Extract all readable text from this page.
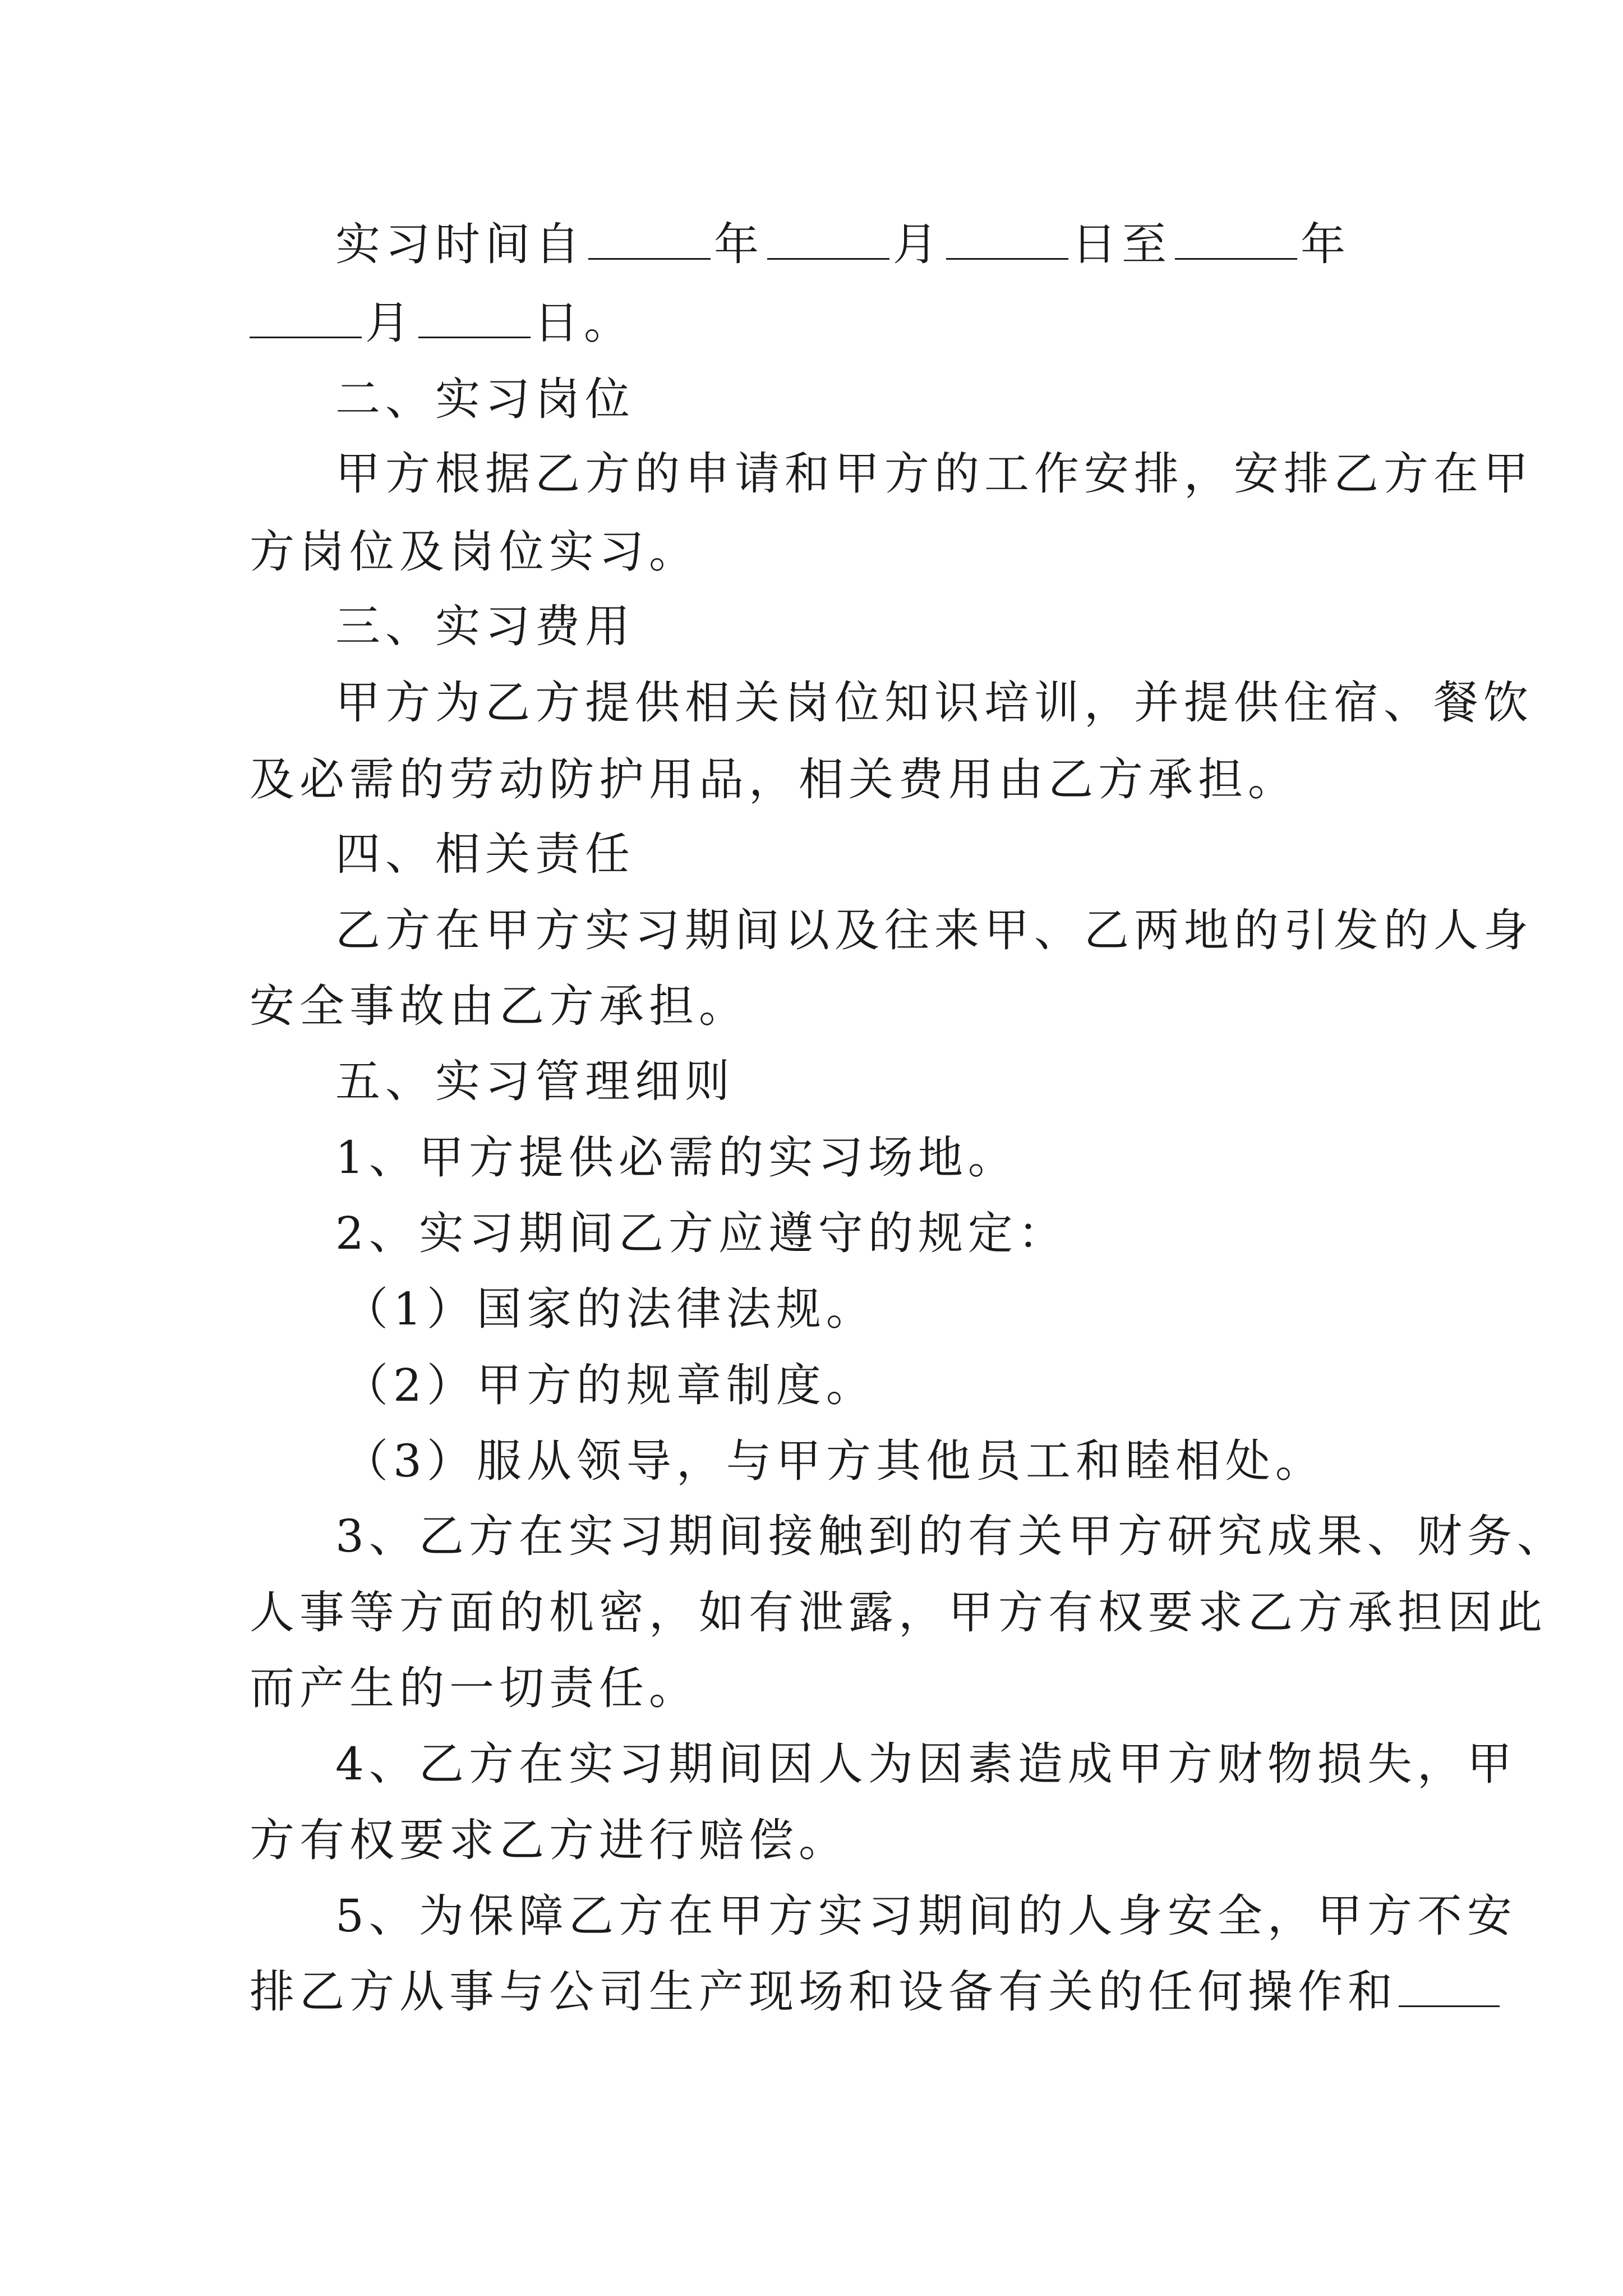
实习时间自	年	月	日至	年
月	日。
二、实习岗位
甲方根据乙方的申请和甲方的工作安排，安排乙方在甲
方岗位及岗位实习。
三、实习费用
甲方为乙方提供相关岗位知识培训，并提供住宿、餐饮
及必需的劳动防护用品，相关费用由乙方承担。
四、相关责任
乙方在甲方实习期间以及往来甲、乙两地的引发的人身
安全事故由乙方承担。
五、实习管理细则
1、甲方提供必需的实习场地。
2、实习期间乙方应遵守的规定：
（1）国家的法律法规。
（2）甲方的规章制度。
（3）服从领导，与甲方其他员工和睦相处。
3、乙方在实习期间接触到的有关甲方研究成果、财务、
人事等方面的机密，如有泄露，甲方有权要求乙方承担因此
而产生的一切责任。
4、乙方在实习期间因人为因素造成甲方财物损失，甲
方有权要求乙方进行赔偿。
5、为保障乙方在甲方实习期间的人身安全，甲方不安
排乙方从事与公司生产现场和设备有关的任何操作和
